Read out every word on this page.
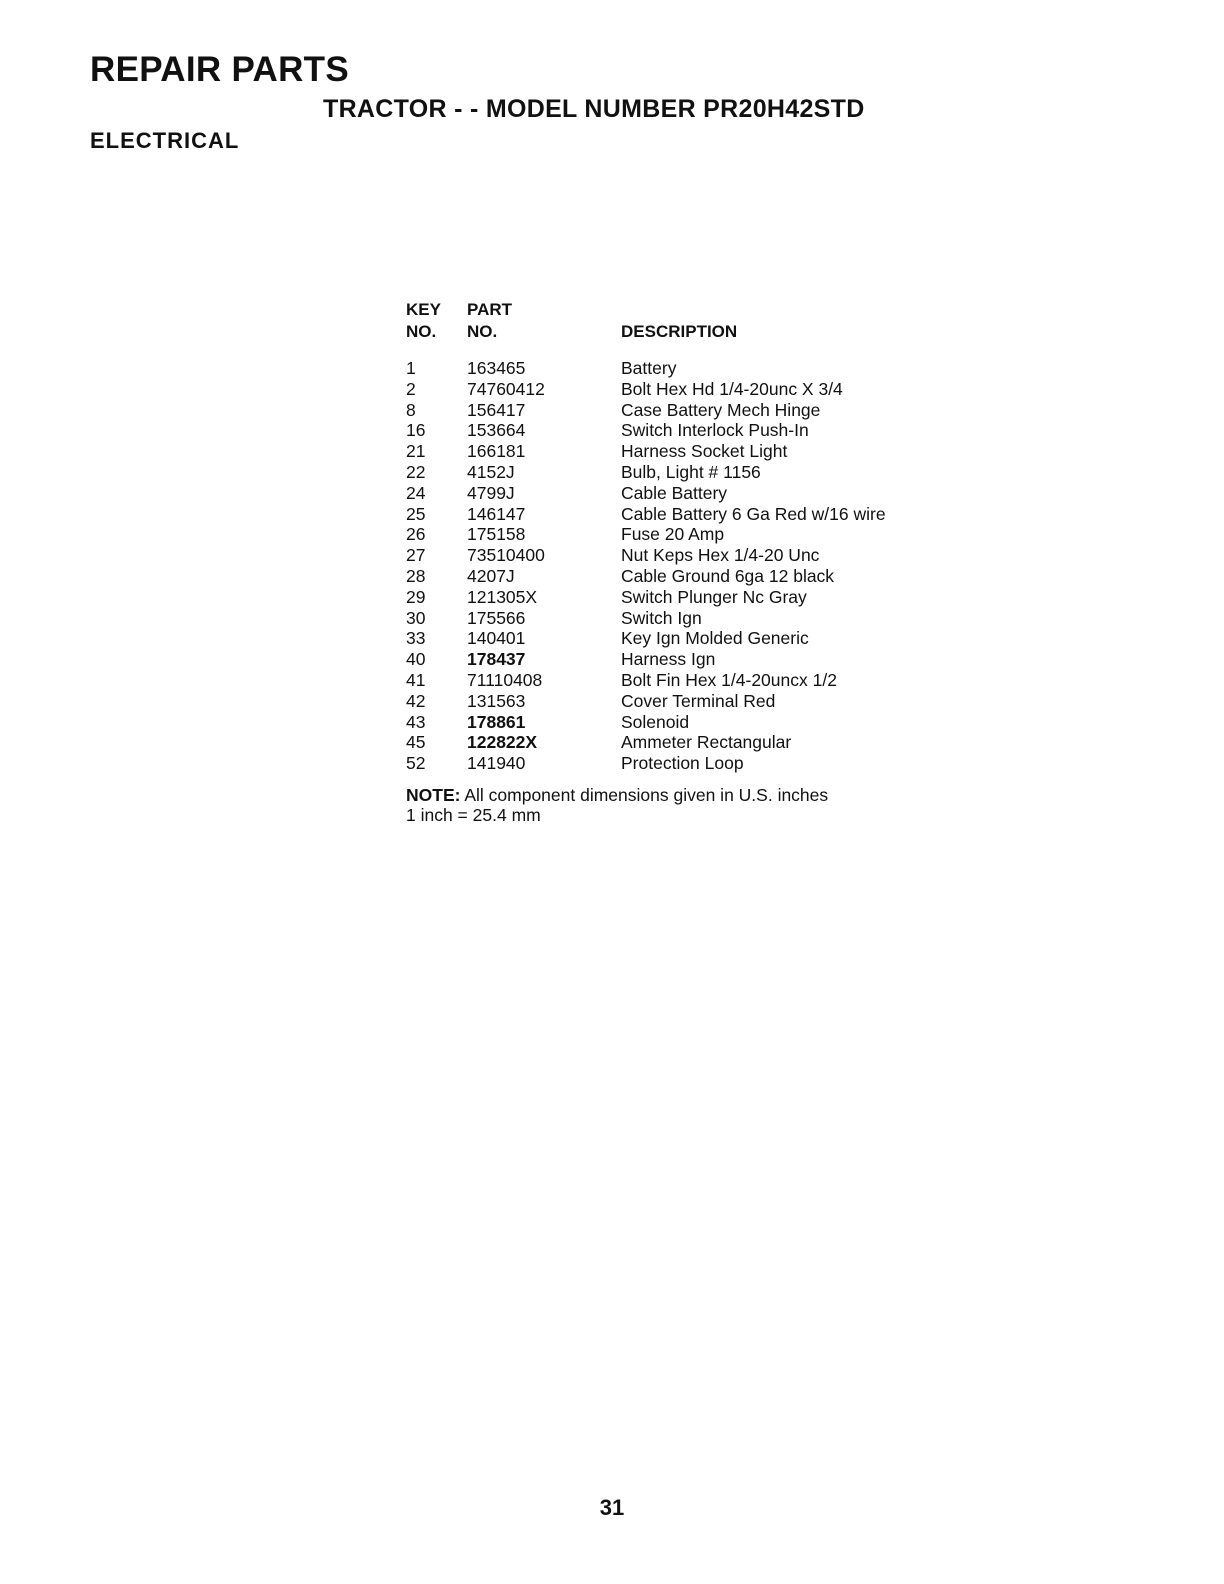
REPAIR PARTS
TRACTOR - - MODEL NUMBER PR20H42STD
ELECTRICAL
KEY PART
NO. NO.	DESCRIPTION
1	163465	Battery
2	74760412	Bolt Hex Hd 1/4-20unc X 3/4
8	156417	Case Battery Mech Hinge
16 153664	Switch Interlock Push-In
21 166181	Harness Socket Light
22 4152J	Bulb, Light # 1156
24 4799J	Cable Battery
25 146147	Cable Battery 6 Ga Red w/16 wire
26 175158	Fuse 20 Amp
27 73510400	Nut Keps Hex 1/4-20 Unc
28 4207J	Cable Ground 6ga 12 black
29 121305X	Switch Plunger Nc Gray
30 175566	Switch Ign
33 140401	Key Ign Molded Generic
40 178437	Harness Ign
41 71110408	Bolt Fin Hex 1/4-20uncx 1/2
42 131563	Cover Terminal Red
43 178861	Solenoid
45 122822X	Ammeter Rectangular
52 141940	Protection Loop
NOTE: All component dimensions given in U.S. inches
1 inch = 25.4 mm
31
